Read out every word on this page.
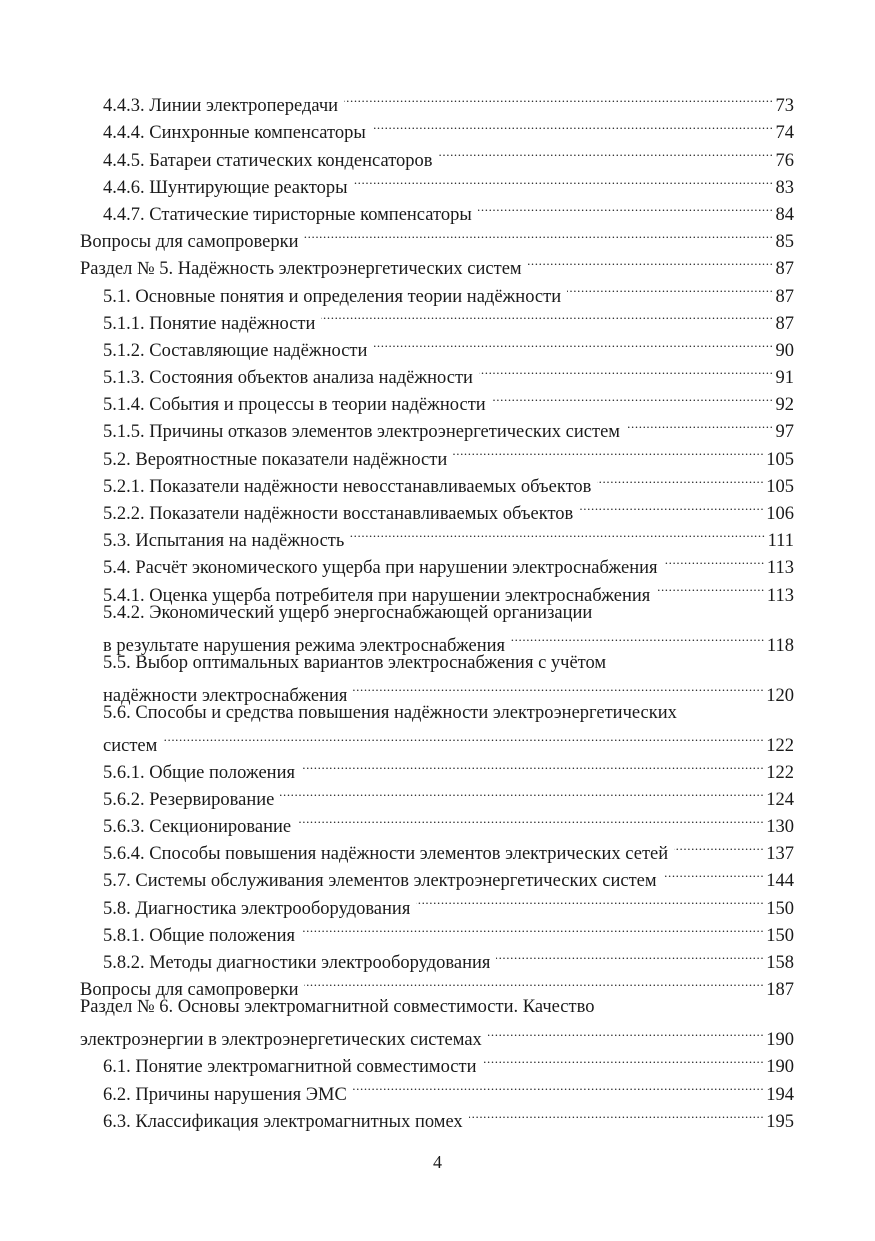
4.4.3. Линии электропередачи .....	73
4.4.4. Синхронные компенсаторы .....	74
4.4.5. Батареи статических конденсаторов .....	76
4.4.6. Шунтирующие реакторы .....	83
4.4.7. Статические тиристорные компенсаторы .....	84
Вопросы для самопроверки .....	85
Раздел № 5. Надёжность электроэнергетических систем .....	87
5.1. Основные понятия и определения теории надёжности .....	87
5.1.1. Понятие надёжности .....	87
5.1.2. Составляющие надёжности .....	90
5.1.3. Состояния объектов анализа надёжности .....	91
5.1.4. События и процессы в теории надёжности .....	92
5.1.5. Причины отказов элементов электроэнергетических систем .....	97
5.2. Вероятностные показатели надёжности .....	105
5.2.1. Показатели надёжности невосстанавливаемых объектов .....	105
5.2.2. Показатели надёжности восстанавливаемых объектов .....	106
5.3. Испытания на надёжность .....	111
5.4. Расчёт экономического ущерба при нарушении электроснабжения .....	113
5.4.1. Оценка ущерба потребителя при нарушении электроснабжения .....	113
5.4.2. Экономический ущерб энергоснабжающей организации
в результате нарушения режима электроснабжения .....	118
5.5. Выбор оптимальных вариантов электроснабжения с учётом
надёжности электроснабжения .....	120
5.6. Способы и средства повышения надёжности электроэнергетических
систем .....	122
5.6.1. Общие положения .....	122
5.6.2. Резервирование .....	124
5.6.3. Секционирование .....	130
5.6.4. Способы повышения надёжности элементов электрических сетей .....	137
5.7. Системы обслуживания элементов электроэнергетических систем .....	144
5.8. Диагностика электрооборудования .....	150
5.8.1. Общие положения .....	150
5.8.2. Методы диагностики электрооборудования .....	158
Вопросы для самопроверки .....	187
Раздел № 6. Основы электромагнитной совместимости. Качество
электроэнергии в электроэнергетических системах .....	190
6.1. Понятие электромагнитной совместимости .....	190
6.2. Причины нарушения ЭМС .....	194
6.3. Классификация электромагнитных помех .....	195
4
